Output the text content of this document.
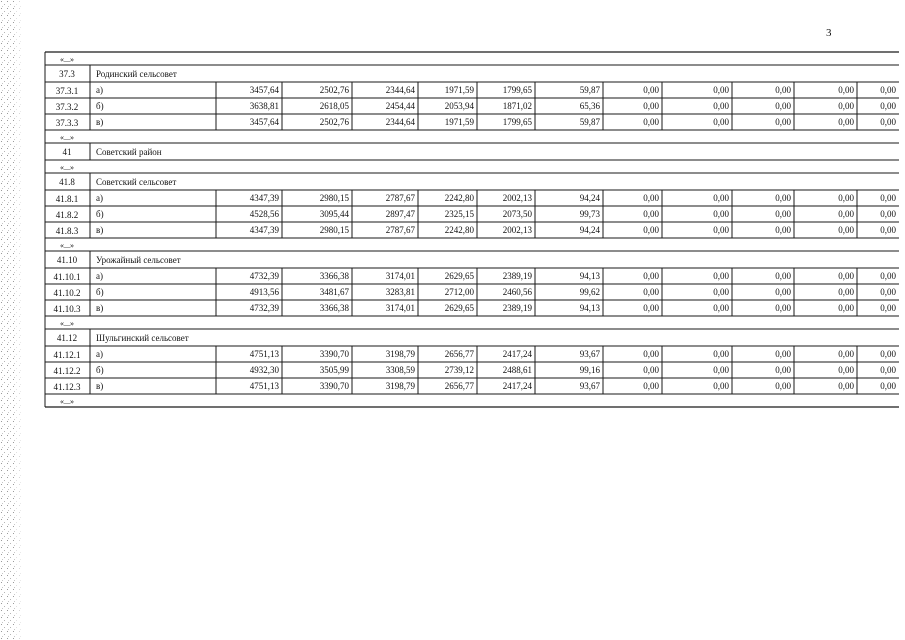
3
«...»
37.3 Родинский сельсовет
37.3.1 а)	3457,64	2502,76	2344,64	1971,59	1799,65	59,87	0,00	0,00	0,00	0,00	0,00
37.3.2 б)	3638,81	2618,05	2454,44	2053,94	1871,02	65,36	0,00	0,00	0,00	0,00	0,00
37.3.3 в)	3457,64	2502,76	2344,64	1971,59	1799,65	59,87	0,00	0,00	0,00	0,00	0,00
«...»
41	Советский район
«...»
41.8 Советский сельсовет
41.8.1 а)	4347,39	2980,15	2787,67	2242,80	2002,13	94,24	0,00	0,00	0,00	0,00	0,00
41.8.2 б)	4528,56	3095,44	2897,47	2325,15	2073,50	99,73	0,00	0,00	0,00	0,00	0,00
41.8.3 в)	4347,39	2980,15	2787,67	2242,80	2002,13	94,24	0,00	0,00	0,00	0,00	0,00
«...»
41.10 Урожайный сельсовет
41.10.1 а)	4732,39	3366,38	3174,01	2629,65	2389,19	94,13	0,00	0,00	0,00	0,00	0,00
41.10.2 б)	4913,56	3481,67	3283,81	2712,00	2460,56	99,62	0,00	0,00	0,00	0,00	0,00
41.10.3 в)	4732,39	3366,38	3174,01	2629,65	2389,19	94,13	0,00	0,00	0,00	0,00	0,00
«...»
41.12 Шульгинский сельсовет
41.12.1 а)	4751,13	3390,70	3198,79	2656,77	2417,24	93,67	0,00	0,00	0,00	0,00	0,00
41.12.2 б)	4932,30	3505,99	3308,59	2739,12	2488,61	99,16	0,00	0,00	0,00	0,00	0,00
41.12.3 в)	4751,13	3390,70	3198,79	2656,77	2417,24	93,67	0,00	0,00	0,00	0,00	0,00
«...»
